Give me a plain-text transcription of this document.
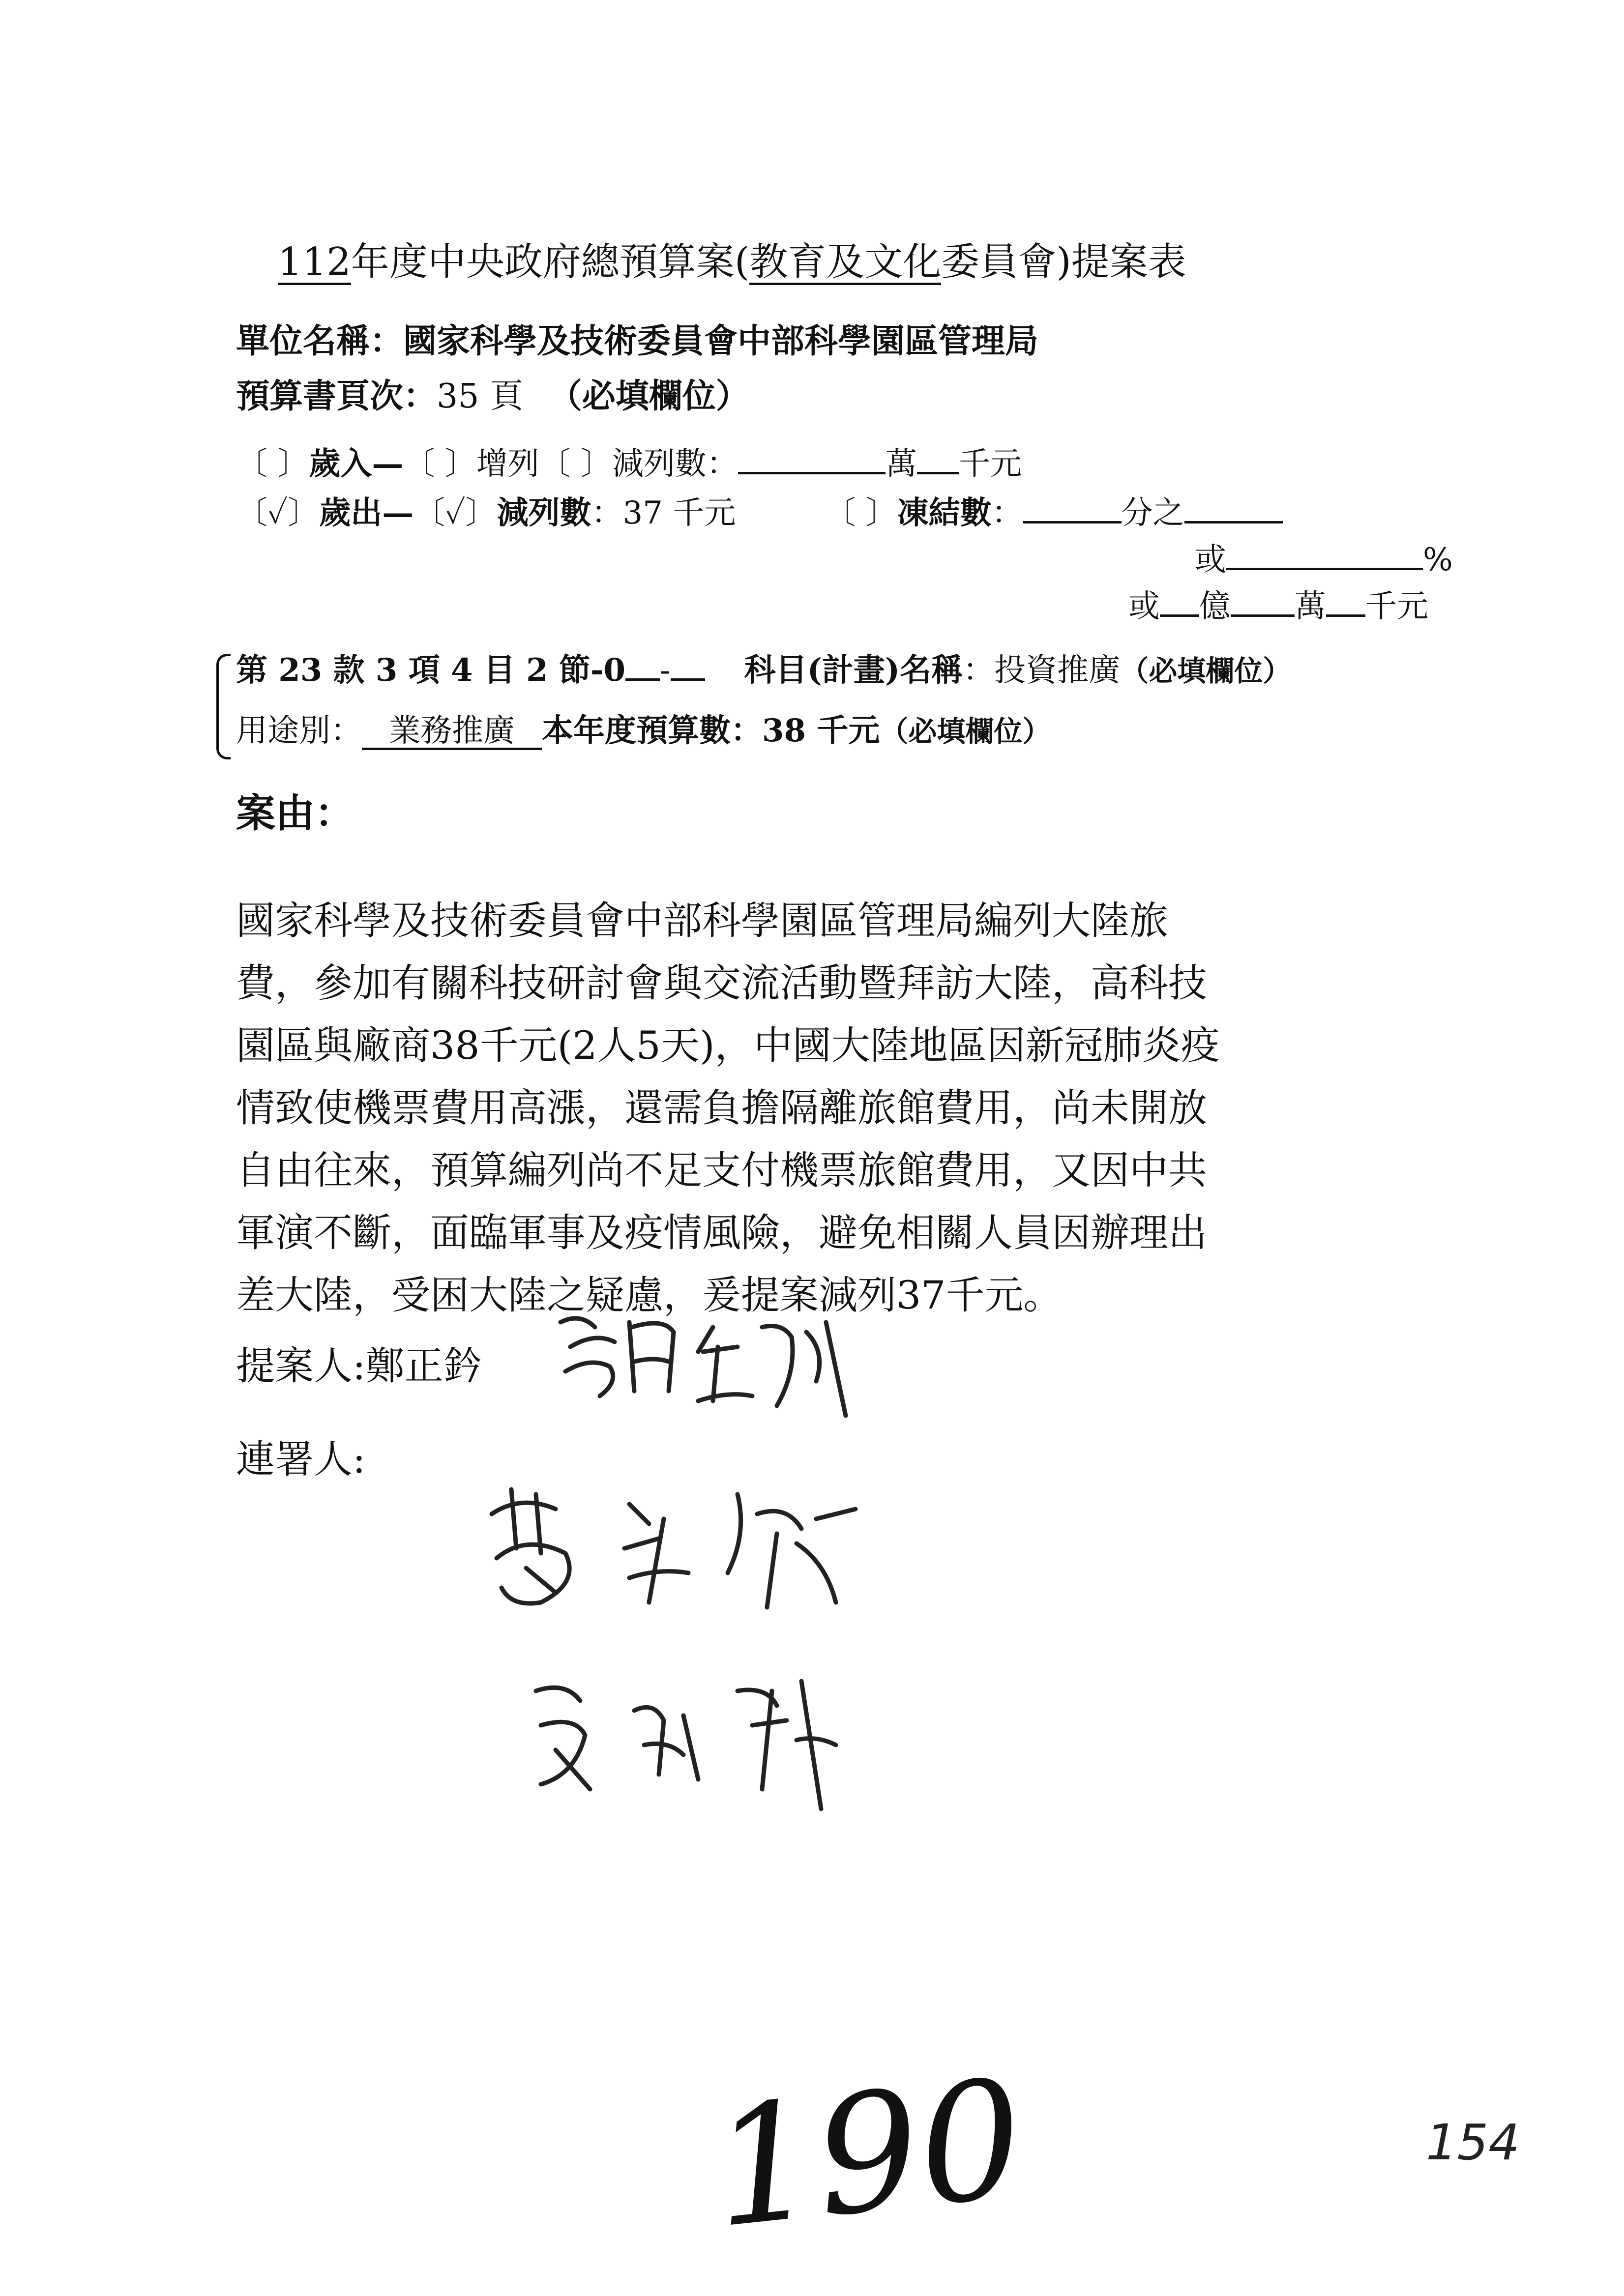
112年度中央政府總預算案(教育及文化委員會)提案表
單位名稱：國家科學及技術委員會中部科學園區管理局
預算書頁次：35 頁 （必填欄位）
〔 〕歲入—〔 〕增列〔 〕減列數：	萬 千元
〔✓〕歲出—〔✓〕減列數：37 千元	〔 〕凍結數：	分之
或	%
或 億 萬 千元
第 23 款 3 項 4 目 2 節-0 - 科目(計畫)名稱：投資推廣（必填欄位）
用途別： 業務推廣 本年度預算數：38 千元（必填欄位）
案由：
國家科學及技術委員會中部科學園區管理局編列大陸旅
費，參加有關科技研討會與交流活動暨拜訪大陸，高科技
園區與廠商38千元(2人5天)，中國大陸地區因新冠肺炎疫
情致使機票費用高漲，還需負擔隔離旅館費用，尚未開放
自由往來，預算編列尚不足支付機票旅館費用，又因中共
軍演不斷，面臨軍事及疫情風險，避免相關人員因辦理出
差大陸，受困大陸之疑慮，爰提案減列37千元。
提案人:鄭正鈐
連署人:
190	154
